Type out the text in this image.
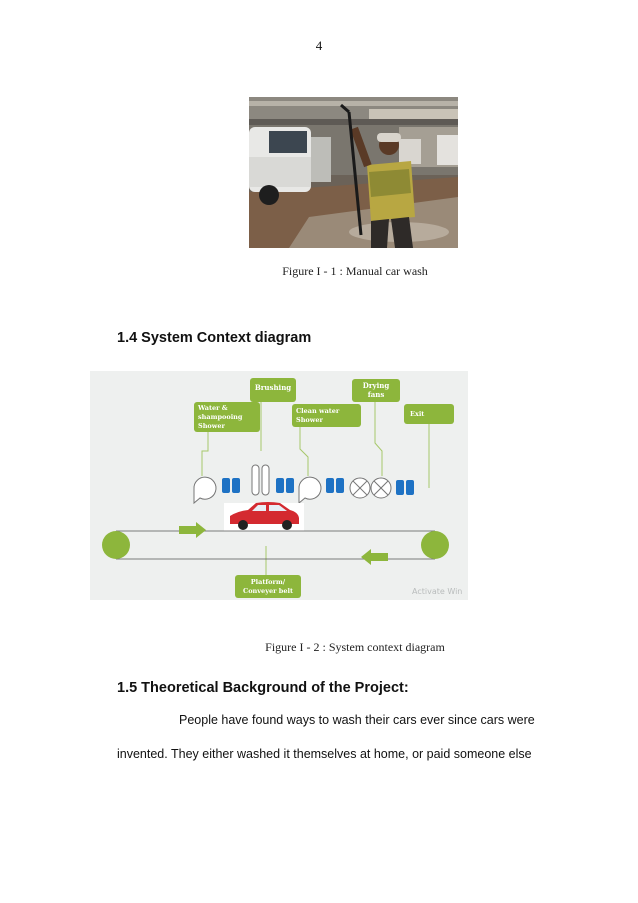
4
Figure I - 1 : Manual car wash
1.4 System Context diagram
Brushing	Drying
fans
Water &
shampooing
Shower
Clean water
Shower
Exit
Platform/
Conveyer belt	Activate Win
Figure I - 2 : System context diagram
1.5 Theoretical Background of the Project:
People have found ways to wash their cars ever since cars were
invented. They either washed it themselves at home, or paid someone else
